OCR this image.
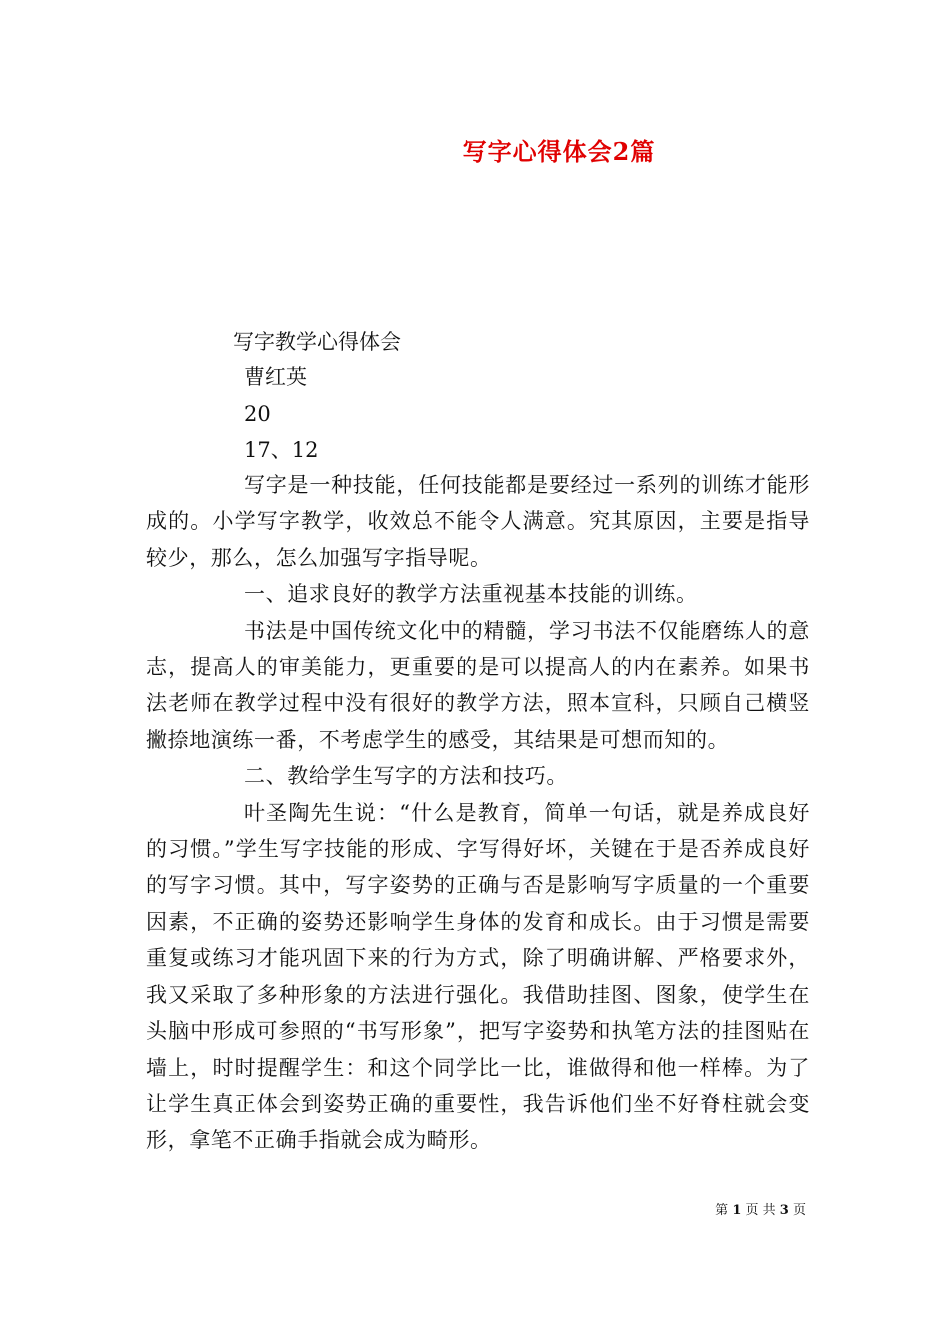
写字心得体会2篇
写字教学心得体会
曹红英
20
17、12

写字是一种技能，任何技能都是要经过一系列的训练才能形成的。小学写字教学，收效总不能令人满意。究其原因，主要是指导较少，那么，怎么加强写字指导呢。

一、追求良好的教学方法重视基本技能的训练。

书法是中国传统文化中的精髓，学习书法不仅能磨练人的意志，提高人的审美能力，更重要的是可以提高人的内在素养。如果书法老师在教学过程中没有很好的教学方法，照本宣科，只顾自己横竖撇捺地演练一番，不考虑学生的感受，其结果是可想而知的。

二、教给学生写字的方法和技巧。

叶圣陶先生说：“什么是教育，简单一句话，就是养成良好的习惯。”学生写字技能的形成、字写得好坏，关键在于是否养成良好的写字习惯。其中，写字姿势的正确与否是影响写字质量的一个重要因素，不正确的姿势还影响学生身体的发育和成长。由于习惯是需要重复或练习才能巩固下来的行为方式，除了明确讲解、严格要求外，我又采取了多种形象的方法进行强化。我借助挂图、图象，使学生在头脑中形成可参照的“书写形象”，把写字姿势和执笔方法的挂图贴在墙上，时时提醒学生：和这个同学比一比，谁做得和他一样棒。为了让学生真正体会到姿势正确的重要性，我告诉他们坐不好脊柱就会变形，拿笔不正确手指就会成为畸形。

第 1 页 共 3 页
